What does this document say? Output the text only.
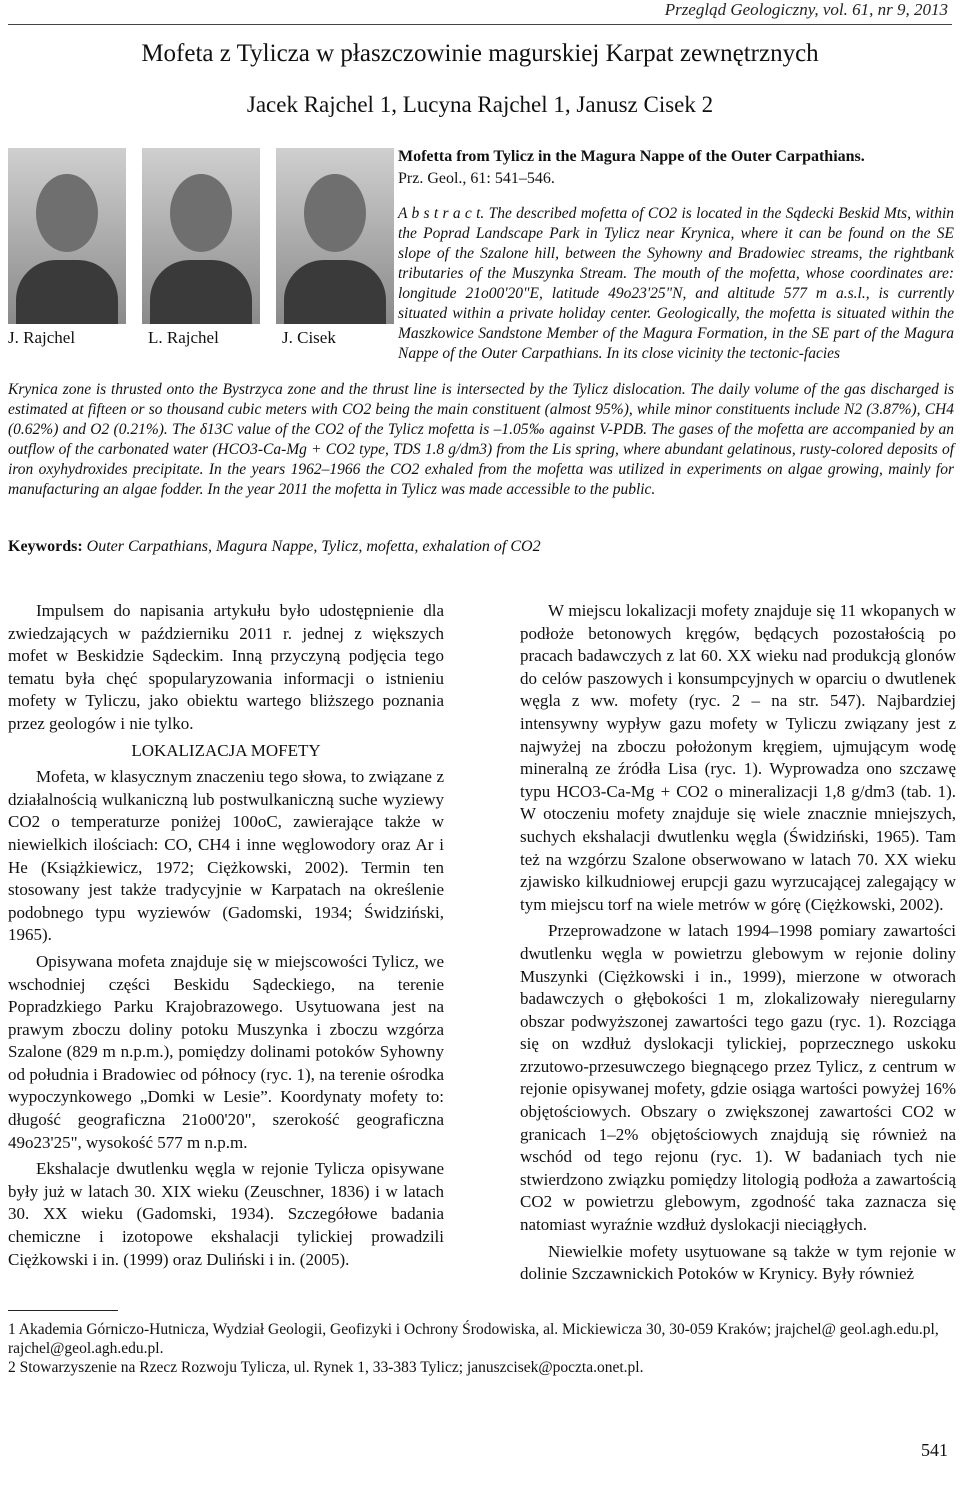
Przegląd Geologiczny, vol. 61, nr 9, 2013
Mofeta z Tylicza w płaszczowinie magurskiej Karpat zewnętrznych
Jacek Rajchel 1, Lucyna Rajchel 1, Janusz Cisek 2
J. Rajchel	L. Rajchel	J. Cisek
Mofetta from Tylicz in the Magura Nappe of the Outer Carpathians.
Prz. Geol., 61: 541–546.

A b s t r a c t. The described mofetta of CO2 is located in the Sądecki Beskid Mts, within the Poprad Landscape Park in Tylicz near Krynica, where it can be found on the SE slope of the Szalone hill, between the Syhowny and Bradowiec streams, the rightbank tributaries of the Muszynka Stream. The mouth of the mofetta, whose coordinates are: longitude 21o00'20"E, latitude 49o23'25"N, and altitude 577 m a.s.l., is currently situated within a private holiday center. Geologically, the mofetta is situated within the Maszkowice Sandstone Member of the Magura Formation, in the SE part of the Magura Nappe of the Outer Carpathians. In its close vicinity the tectonic-facies

Krynica zone is thrusted onto the Bystrzyca zone and the thrust line is intersected by the Tylicz dislocation. The daily volume of the gas discharged is estimated at fifteen or so thousand cubic meters with CO2 being the main constituent (almost 95%), while minor constituents include N2 (3.87%), CH4 (0.62%) and O2 (0.21%). The δ13C value of the CO2 of the Tylicz mofetta is –1.05‰ against V-PDB. The gases of the mofetta are accompanied by an outflow of the carbonated water (HCO3-Ca-Mg + CO2 type, TDS 1.8 g/dm3) from the Lis spring, where abundant gelatinous, rusty-colored deposits of iron oxyhydroxides precipitate. In the years 1962–1966 the CO2 exhaled from the mofetta was utilized in experiments on algae growing, mainly for manufacturing an algae fodder. In the year 2011 the mofetta in Tylicz was made accessible to the public.

Keywords: Outer Carpathians, Magura Nappe, Tylicz, mofetta, exhalation of CO2

Impulsem do napisania artykułu było udostępnienie dla zwiedzających w październiku 2011 r. jednej z większych mofet w Beskidzie Sądeckim. Inną przyczyną podjęcia tego tematu była chęć spopularyzowania informacji o istnieniu mofety w Tyliczu, jako obiektu wartego bliższego poznania przez geologów i nie tylko.

LOKALIZACJA MOFETY

Mofeta, w klasycznym znaczeniu tego słowa, to związane z działalnością wulkaniczną lub postwulkaniczną suche wyziewy CO2 o temperaturze poniżej 100oC, zawierające także w niewielkich ilościach: CO, CH4 i inne węglowodory oraz Ar i He (Książkiewicz, 1972; Ciężkowski, 2002). Termin ten stosowany jest także tradycyjnie w Karpatach na określenie podobnego typu wyziewów (Gadomski, 1934; Świdziński, 1965).

Opisywana mofeta znajduje się w miejscowości Tylicz, we wschodniej części Beskidu Sądeckiego, na terenie Popradzkiego Parku Krajobrazowego. Usytuowana jest na prawym zboczu doliny potoku Muszynka i zboczu wzgórza Szalone (829 m n.p.m.), pomiędzy dolinami potoków Syhowny od południa i Bradowiec od północy (ryc. 1), na terenie ośrodka wypoczynkowego „Domki w Lesie”. Koordynaty mofety to: długość geograficzna 21o00'20", szerokość geograficzna 49o23'25", wysokość 577 m n.p.m.

Ekshalacje dwutlenku węgla w rejonie Tylicza opisywane były już w latach 30. XIX wieku (Zeuschner, 1836) i w latach 30. XX wieku (Gadomski, 1934). Szczegółowe badania chemiczne i izotopowe ekshalacji tylickiej prowadzili Ciężkowski i in. (1999) oraz Duliński i in. (2005).

W miejscu lokalizacji mofety znajduje się 11 wkopanych w podłoże betonowych kręgów, będących pozostałością po pracach badawczych z lat 60. XX wieku nad produkcją glonów do celów paszowych i konsumpcyjnych w oparciu o dwutlenek węgla z ww. mofety (ryc. 2 – na str. 547). Najbardziej intensywny wypływ gazu mofety w Tyliczu związany jest z najwyżej na zboczu położonym kręgiem, ujmującym wodę mineralną ze źródła Lisa (ryc. 1). Wyprowadza ono szczawę typu HCO3-Ca-Mg + CO2 o mineralizacji 1,8 g/dm3 (tab. 1). W otoczeniu mofety znajduje się wiele znacznie mniejszych, suchych ekshalacji dwutlenku węgla (Świdziński, 1965). Tam też na wzgórzu Szalone obserwowano w latach 70. XX wieku zjawisko kilkudniowej erupcji gazu wyrzucającej zalegający w tym miejscu torf na wiele metrów w górę (Ciężkowski, 2002).

Przeprowadzone w latach 1994–1998 pomiary zawartości dwutlenku węgla w powietrzu glebowym w rejonie doliny Muszynki (Ciężkowski i in., 1999), mierzone w otworach badawczych o głębokości 1 m, zlokalizowały nieregularny obszar podwyższonej zawartości tego gazu (ryc. 1). Rozciąga się on wzdłuż dyslokacji tylickiej, poprzecznego uskoku zrzutowo-przesuwczego biegnącego przez Tylicz, z centrum w rejonie opisywanej mofety, gdzie osiąga wartości powyżej 16% objętościowych. Obszary o zwiększonej zawartości CO2 w granicach 1–2% objętościowych znajdują się również na wschód od tego rejonu (ryc. 1). W badaniach tych nie stwierdzono związku pomiędzy litologią podłoża a zawartością CO2 w powietrzu glebowym, zgodność taka zaznacza się natomiast wyraźnie wzdłuż dyslokacji nieciągłych.

Niewielkie mofety usytuowane są także w tym rejonie w dolinie Szczawnickich Potoków w Krynicy. Były również

1 Akademia Górniczo-Hutnicza, Wydział Geologii, Geofizyki i Ochrony Środowiska, al. Mickiewicza 30, 30-059 Kraków; jrajchel@ geol.agh.edu.pl, rajchel@geol.agh.edu.pl.
2 Stowarzyszenie na Rzecz Rozwoju Tylicza, ul. Rynek 1, 33-383 Tylicz; januszcisek@poczta.onet.pl.
541
